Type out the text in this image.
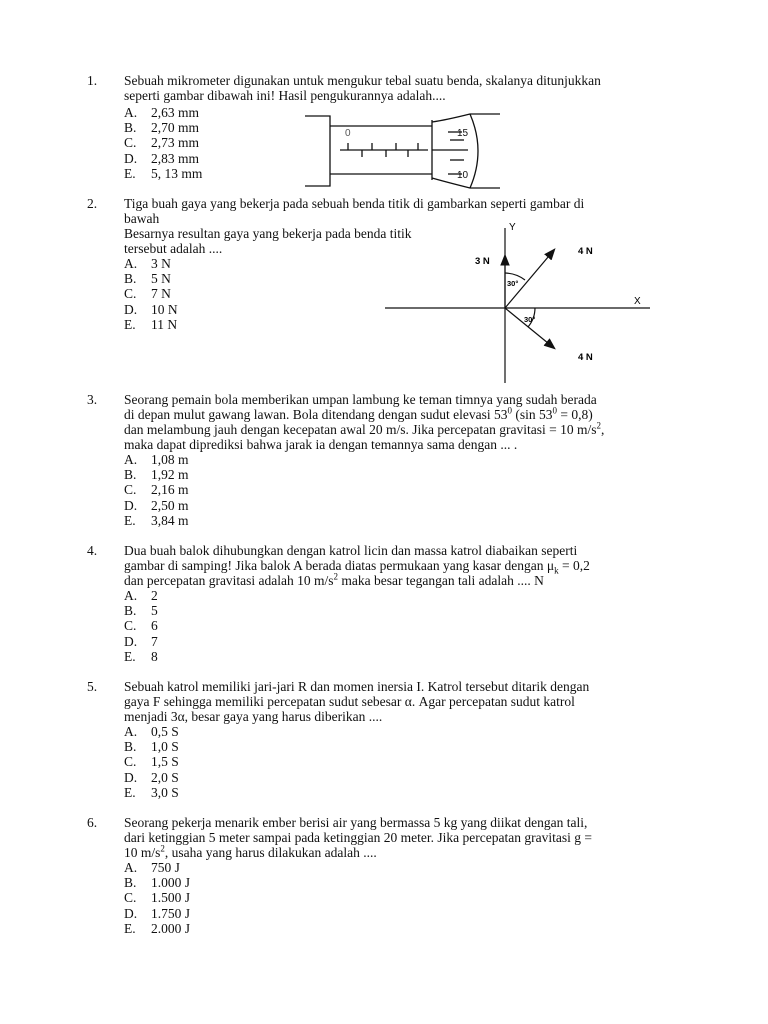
1. Sebuah mikrometer digunakan untuk mengukur tebal suatu benda, skalanya ditunjukkan
seperti gambar dibawah ini! Hasil pengukurannya adalah....
A. 2,63 mm
B. 2,70 mm
C. 2,73 mm
D. 2,83 mm
E. 5, 13 mm
0	15
10
2. Tiga buah gaya yang bekerja pada sebuah benda titik di gambarkan seperti gambar di
bawah
Besarnya resultan gaya yang bekerja pada benda titik
tersebut adalah ....
A. 3 N
B. 5 N
C. 7 N
D. 10 N
E. 11 N
Y
X
3 N
4 N
4 N
30°
30°
3. Seorang pemain bola memberikan umpan lambung ke teman timnya yang sudah berada
di depan mulut gawang lawan. Bola ditendang dengan sudut elevasi $53^0$ (sin $53^0 = 0,8$)
dan melambung jauh dengan kecepatan awal 20 m/s. Jika percepatan gravitasi = 10 $m/s^2$,
maka dapat diprediksi bahwa jarak ia dengan temannya sama dengan ... .
A. 1,08 m
B. 1,92 m
C. 2,16 m
D. 2,50 m
E. 3,84 m
4. Dua buah balok dihubungkan dengan katrol licin dan massa katrol diabaikan seperti
gambar di samping! Jika balok A berada diatas permukaan yang kasar dengan $\mu_k = 0,2$
dan percepatan gravitasi adalah 10 $m/s^2$ maka besar tegangan tali adalah .... N
A. 2
B. 5
C. 6
D. 7
E. 8
5. Sebuah katrol memiliki jari-jari R dan momen inersia I. Katrol tersebut ditarik dengan
gaya F sehingga memiliki percepatan sudut sebesar α. Agar percepatan sudut katrol
menjadi 3α, besar gaya yang harus diberikan ....
A. 0,5 S
B. 1,0 S
C. 1,5 S
D. 2,0 S
E. 3,0 S
6. Seorang pekerja menarik ember berisi air yang bermassa 5 kg yang diikat dengan tali,
dari ketinggian 5 meter sampai pada ketinggian 20 meter. Jika percepatan gravitasi g =
10 $m/s^2$, usaha yang harus dilakukan adalah ....
A. 750 J
B. 1.000 J
C. 1.500 J
D. 1.750 J
E. 2.000 J
